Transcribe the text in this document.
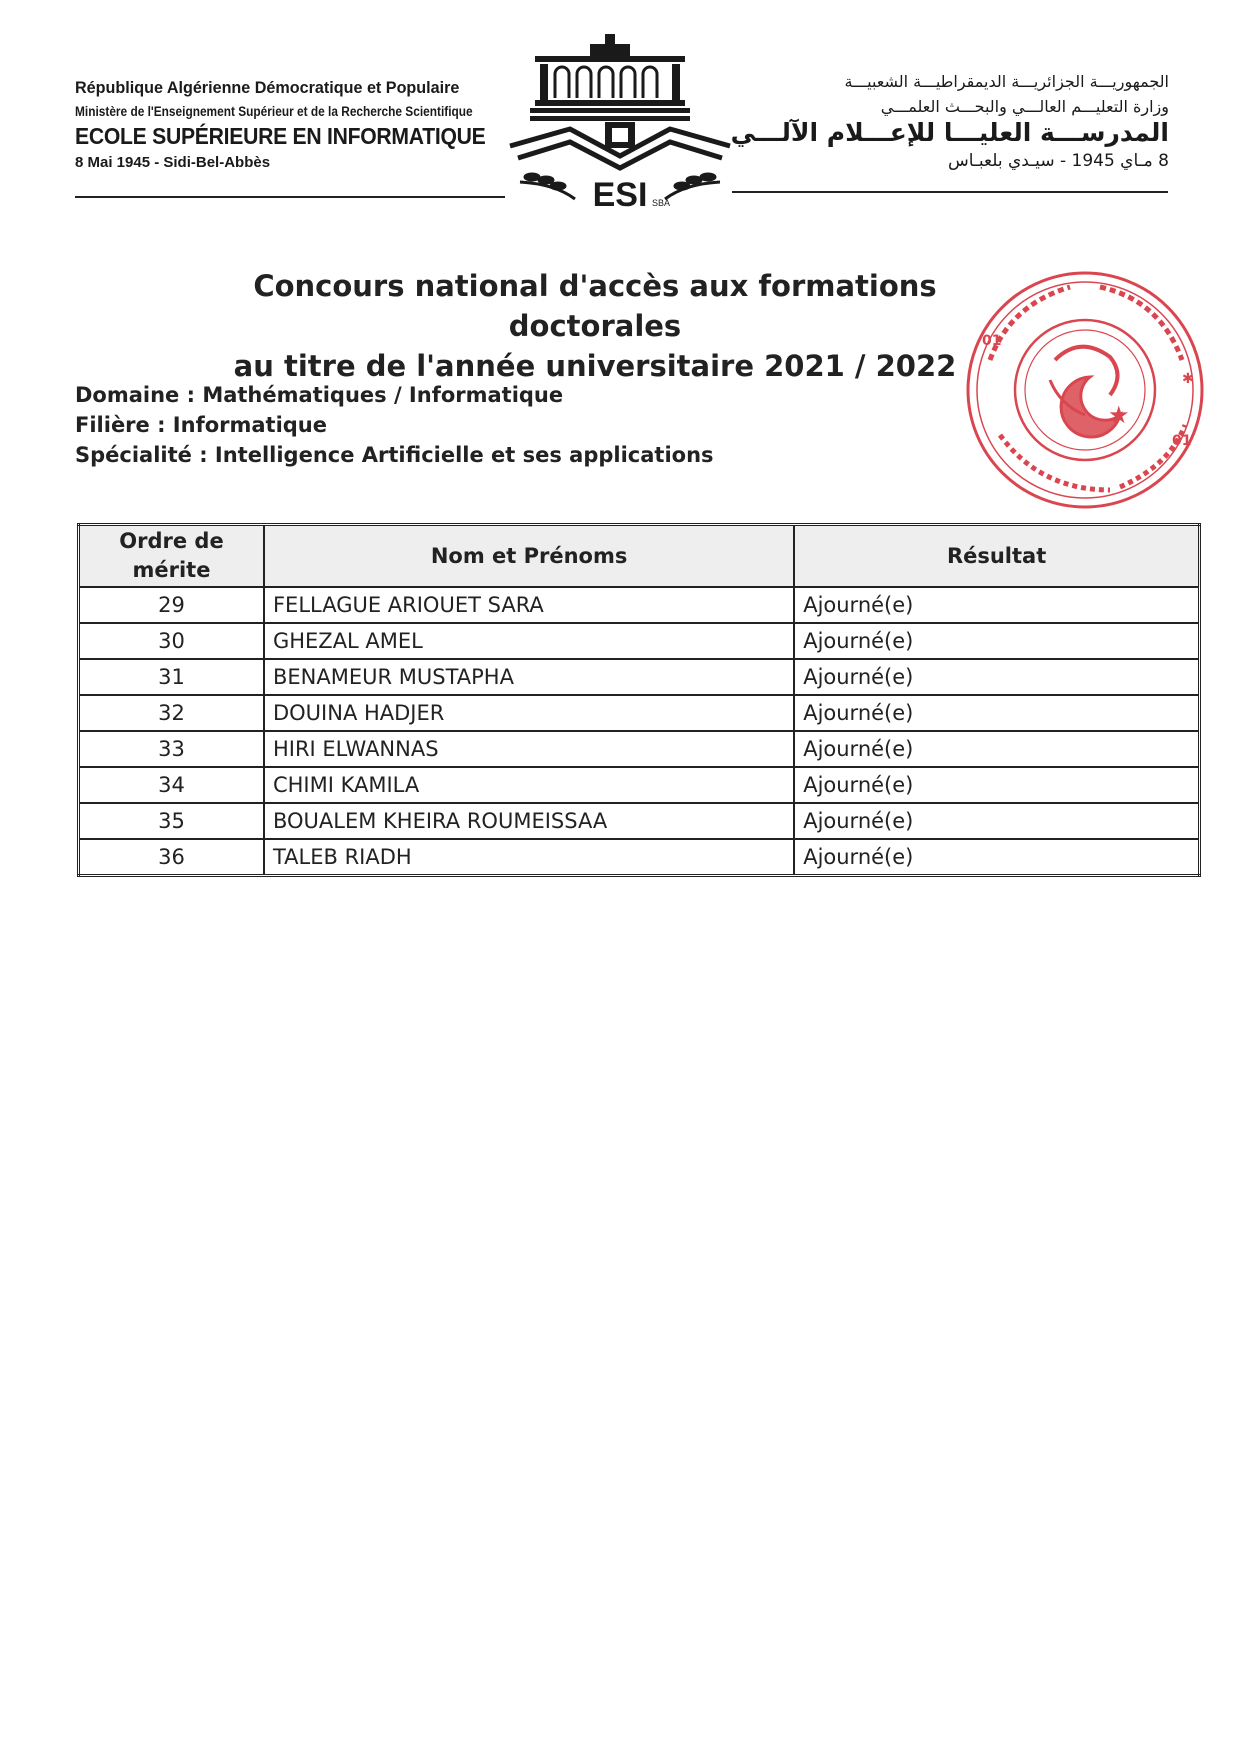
République Algérienne Démocratique et Populaire
Ministère de l'Enseignement Supérieur et de la Recherche Scientifique
ECOLE SUPÉRIEURE EN INFORMATIQUE
8 Mai 1945 - Sidi-Bel-Abbès
ESI SBA
الجمهوريـــة الجزائريـــة الديمقراطيـــة الشعبيـــة
وزارة التعليـــم العالـــي والبحـــث العلمـــي
المدرســـة العليـــا للإعـــلام الآلـــي
8 مـاي 1945 - سيـدي بلعبـاس
Concours national d'accès aux formations doctorales
au titre de l'année universitaire 2021 / 2022
★
01
01
✱
Domaine : Mathématiques / Informatique
Filière : Informatique
Spécialité : Intelligence Artificielle et ses applications
Ordre de mérite	Nom et Prénoms	Résultat
29	FELLAGUE ARIOUET SARA	Ajourné(e)
30	GHEZAL AMEL	Ajourné(e)
31	BENAMEUR MUSTAPHA	Ajourné(e)
32	DOUINA HADJER	Ajourné(e)
33	HIRI ELWANNAS	Ajourné(e)
34	CHIMI KAMILA	Ajourné(e)
35	BOUALEM KHEIRA ROUMEISSAA	Ajourné(e)
36	TALEB RIADH	Ajourné(e)
